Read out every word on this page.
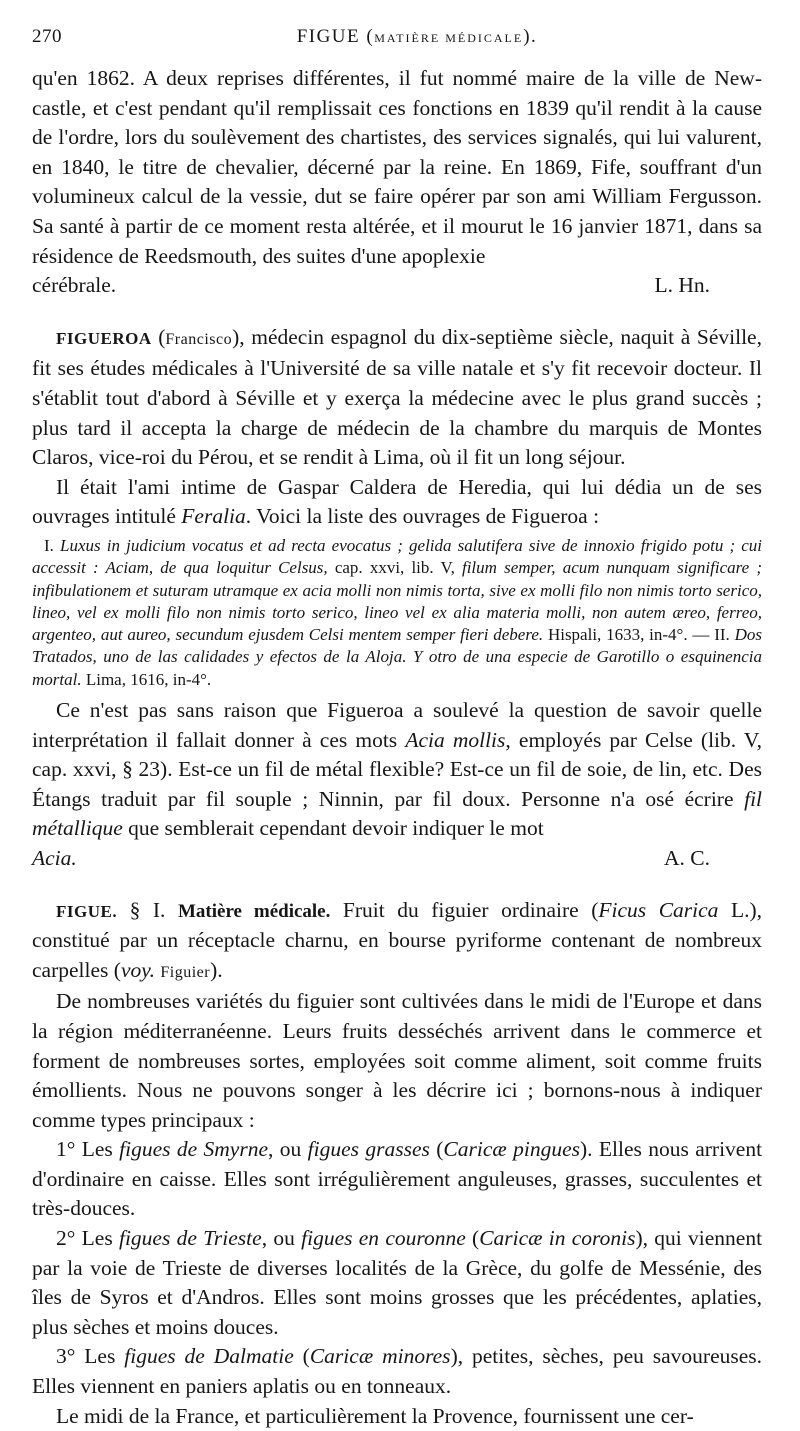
270	FIGUE (MATIÈRE MÉDICALE).

qu'en 1862. A deux reprises différentes, il fut nommé maire de la ville de New-castle, et c'est pendant qu'il remplissait ces fonctions en 1839 qu'il rendit à la cause de l'ordre, lors du soulèvement des chartistes, des services signalés, qui lui valurent, en 1840, le titre de chevalier, décerné par la reine. En 1869, Fife, souffrant d'un volumineux calcul de la vessie, dut se faire opérer par son ami William Fergusson. Sa santé à partir de ce moment resta altérée, et il mourut le 16 janvier 1871, dans sa résidence de Reedsmouth, des suites d'une apoplexie

cérébrale.	L. Hn.

FIGUEROA (Francisco), médecin espagnol du dix-septième siècle, naquit à Séville, fit ses études médicales à l'Université de sa ville natale et s'y fit recevoir docteur. Il s'établit tout d'abord à Séville et y exerça la médecine avec le plus grand succès ; plus tard il accepta la charge de médecin de la chambre du marquis de Montes Claros, vice-roi du Pérou, et se rendit à Lima, où il fit un long séjour.

Il était l'ami intime de Gaspar Caldera de Heredia, qui lui dédia un de ses ouvrages intitulé Feralia. Voici la liste des ouvrages de Figueroa :

I. Luxus in judicium vocatus et ad recta evocatus ; gelida salutifera sive de innoxio frigido potu ; cui accessit : Aciam, de qua loquitur Celsus, cap. xxvi, lib. V, filum semper, acum nunquam significare ; infibulationem et suturam utramque ex acia molli non nimis torta, sive ex molli filo non nimis torto serico, lineo, vel ex molli filo non nimis torto serico, lineo vel ex alia materia molli, non autem æreo, ferreo, argenteo, aut aureo, secundum ejusdem Celsi mentem semper fieri debere. Hispali, 1633, in-4°. — II. Dos Tratados, uno de las calidades y efectos de la Aloja. Y otro de una especie de Garotillo o esquinencia mortal. Lima, 1616, in-4°.

Ce n'est pas sans raison que Figueroa a soulevé la question de savoir quelle interprétation il fallait donner à ces mots Acia mollis, employés par Celse (lib. V, cap. xxvi, § 23). Est-ce un fil de métal flexible? Est-ce un fil de soie, de lin, etc. Des Étangs traduit par fil souple ; Ninnin, par fil doux. Personne n'a osé écrire fil métallique que semblerait cependant devoir indiquer le mot

Acia.	A. C.

FIGUE. § I. Matière médicale. Fruit du figuier ordinaire (Ficus Carica L.), constitué par un réceptacle charnu, en bourse pyriforme contenant de nombreux carpelles (voy. Figuier).

De nombreuses variétés du figuier sont cultivées dans le midi de l'Europe et dans la région méditerranéenne. Leurs fruits desséchés arrivent dans le commerce et forment de nombreuses sortes, employées soit comme aliment, soit comme fruits émollients. Nous ne pouvons songer à les décrire ici ; bornons-nous à indiquer comme types principaux :

1° Les figues de Smyrne, ou figues grasses (Caricæ pingues). Elles nous arrivent d'ordinaire en caisse. Elles sont irrégulièrement anguleuses, grasses, succulentes et très-douces.

2° Les figues de Trieste, ou figues en couronne (Caricæ in coronis), qui viennent par la voie de Trieste de diverses localités de la Grèce, du golfe de Messénie, des îles de Syros et d'Andros. Elles sont moins grosses que les précédentes, aplaties, plus sèches et moins douces.

3° Les figues de Dalmatie (Caricæ minores), petites, sèches, peu savoureuses. Elles viennent en paniers aplatis ou en tonneaux.

Le midi de la France, et particulièrement la Provence, fournissent une cer-
